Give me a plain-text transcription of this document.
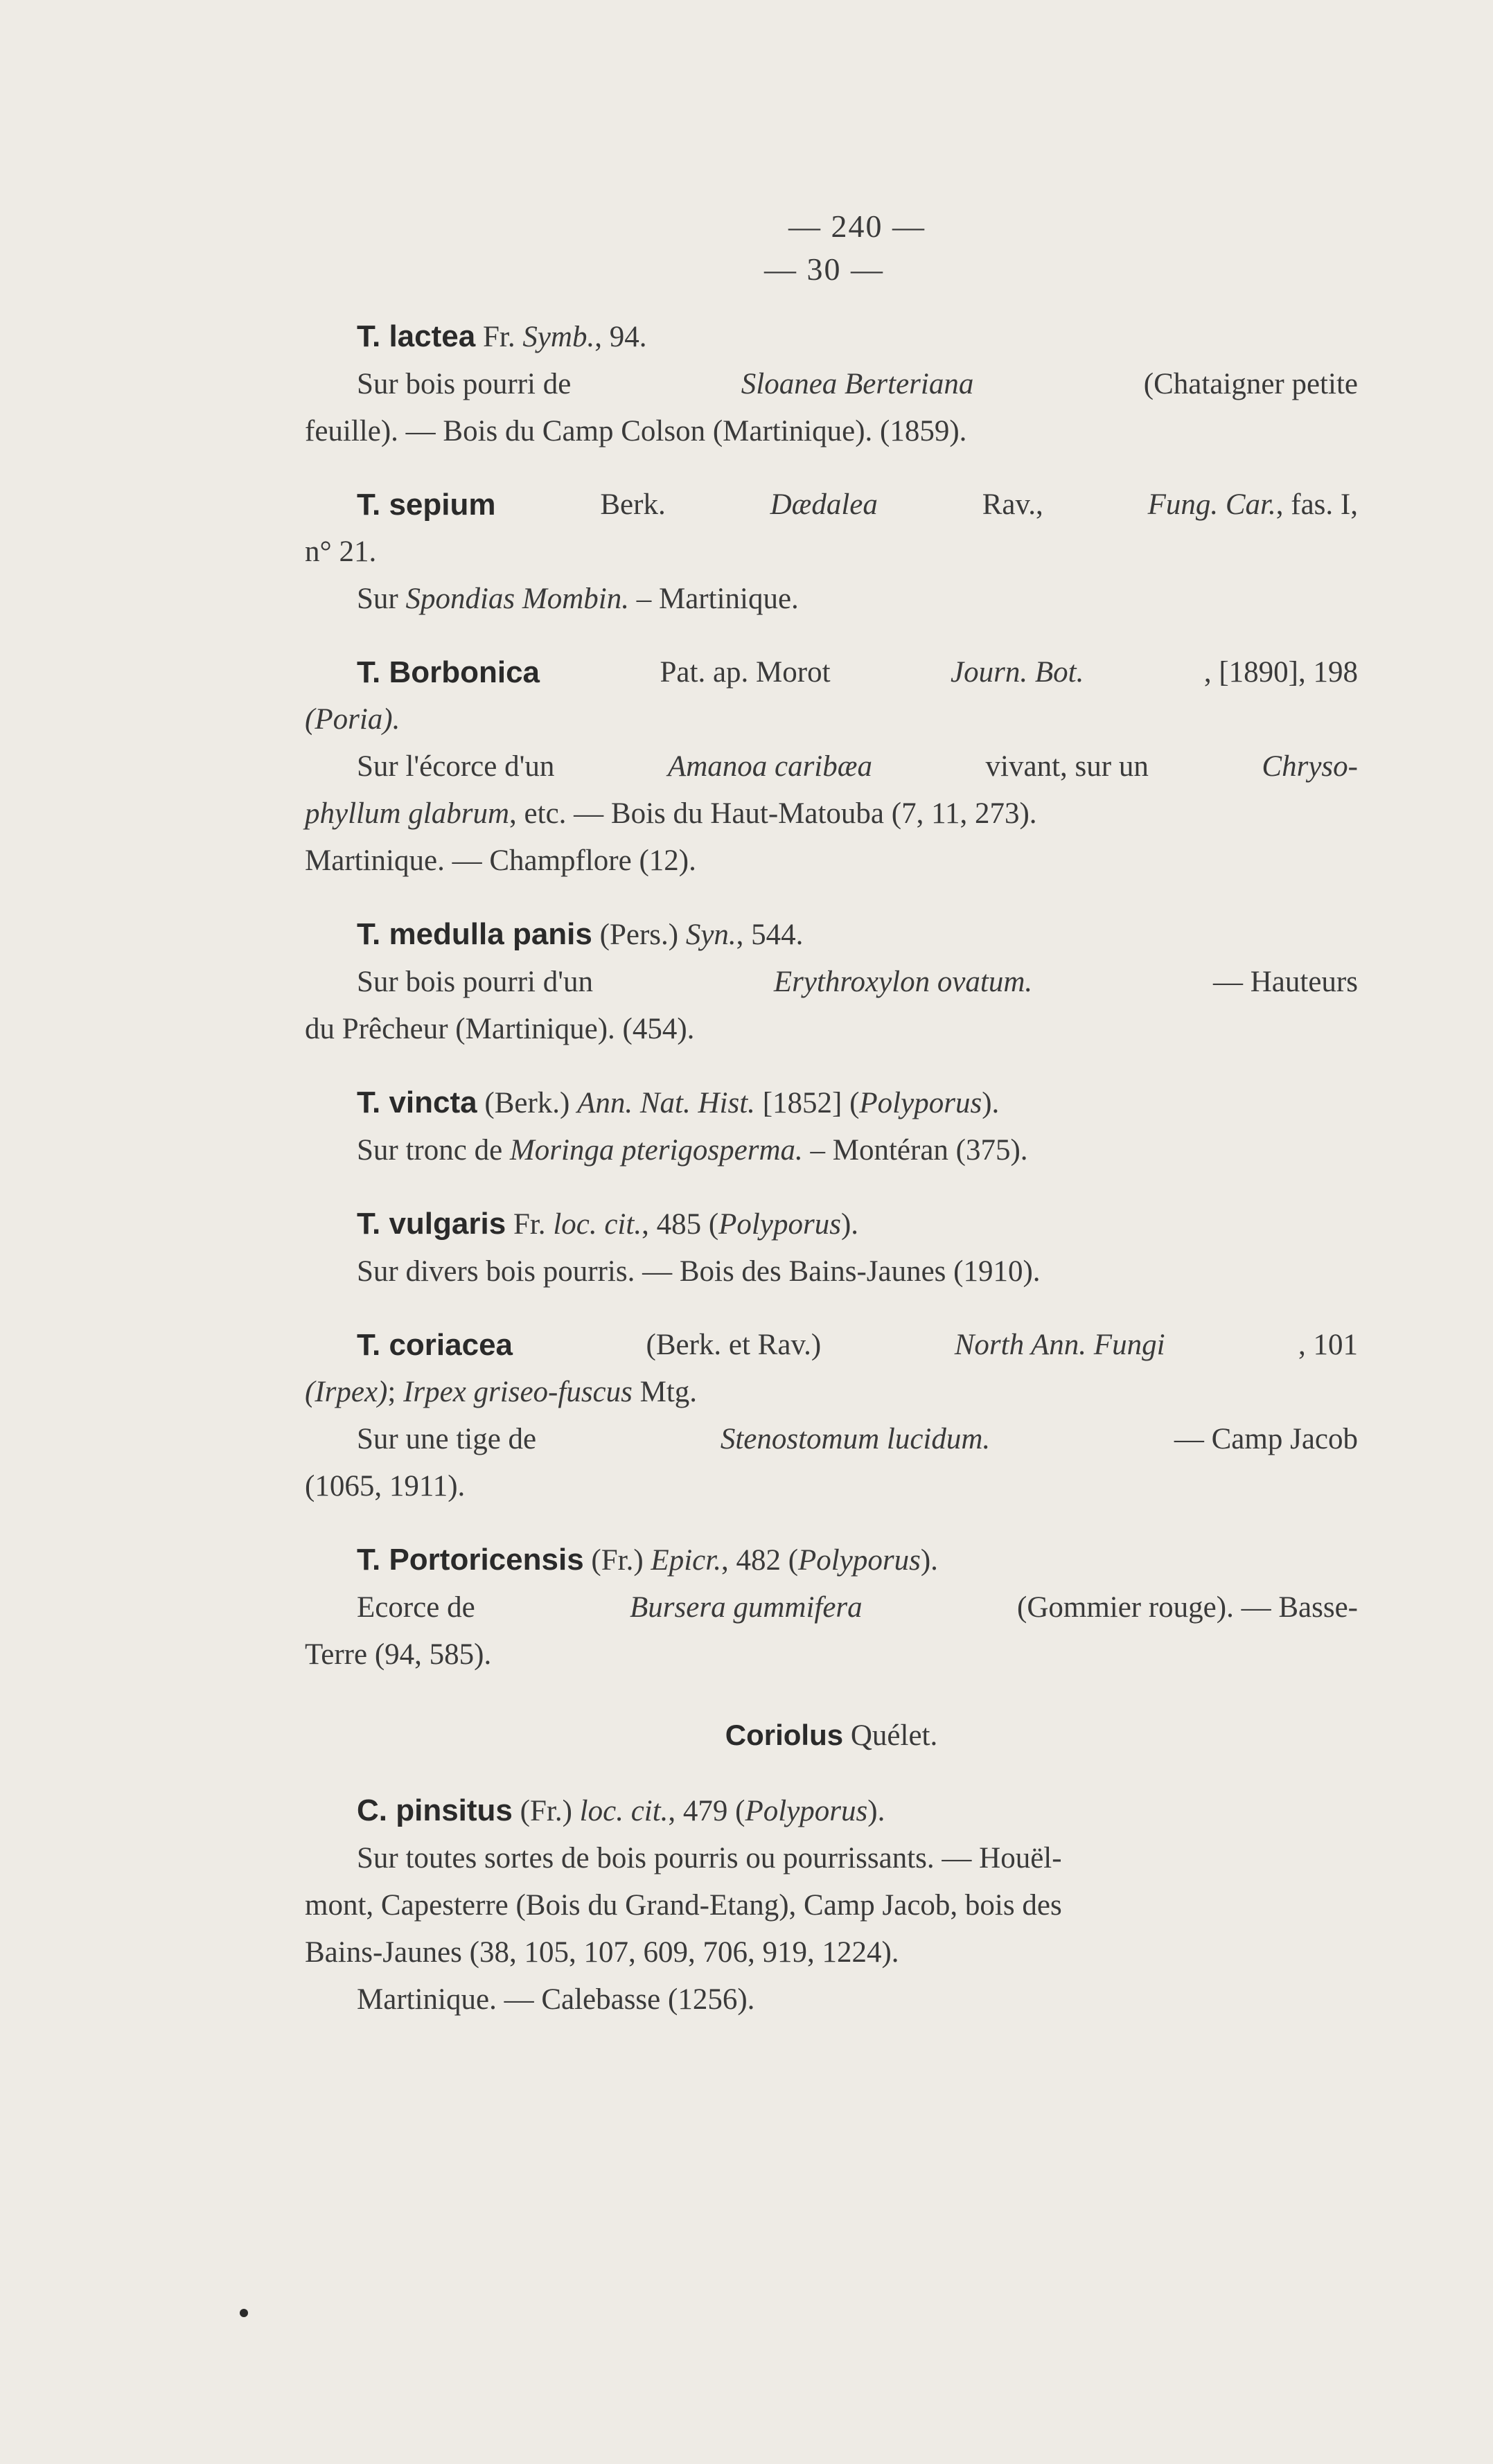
— 240 —
— 30 —
T. lactea Fr. Symb., 94.
Sur bois pourri de	Sloanea Berteriana	(Chataigner petite
feuille). — Bois du Camp Colson (Martinique). (1859).
T. sepium	Berk.	Dædalea	Rav.,	Fung. Car., fas. I,
n° 21.
Sur Spondias Mombin. – Martinique.
T. Borbonica	Pat. ap. Morot	Journ. Bot.	, [1890], 198
(Poria).
Sur l'écorce d'un	Amanoa caribæa	vivant, sur un	Chryso-
phyllum glabrum, etc. — Bois du Haut-Matouba (7, 11, 273).
Martinique. — Champflore (12).
T. medulla panis (Pers.) Syn., 544.
Sur bois pourri d'un	Erythroxylon ovatum.	— Hauteurs
du Prêcheur (Martinique). (454).
T. vincta (Berk.) Ann. Nat. Hist. [1852] (Polyporus).
Sur tronc de Moringa pterigosperma. – Montéran (375).
T. vulgaris Fr. loc. cit., 485 (Polyporus).
Sur divers bois pourris. — Bois des Bains-Jaunes (1910).
T. coriacea	(Berk. et Rav.)	North Ann. Fungi	, 101
(Irpex); Irpex griseo-fuscus Mtg.
Sur une tige de	Stenostomum lucidum.	— Camp Jacob
(1065, 1911).
T. Portoricensis (Fr.) Epicr., 482 (Polyporus).
Ecorce de	Bursera gummifera	(Gommier rouge). — Basse-
Terre (94, 585).
Coriolus Quélet.
C. pinsitus (Fr.) loc. cit., 479 (Polyporus).
Sur toutes sortes de bois pourris ou pourrissants. — Houël-
mont, Capesterre (Bois du Grand-Etang), Camp Jacob, bois des
Bains-Jaunes (38, 105, 107, 609, 706, 919, 1224).
Martinique. — Calebasse (1256).
